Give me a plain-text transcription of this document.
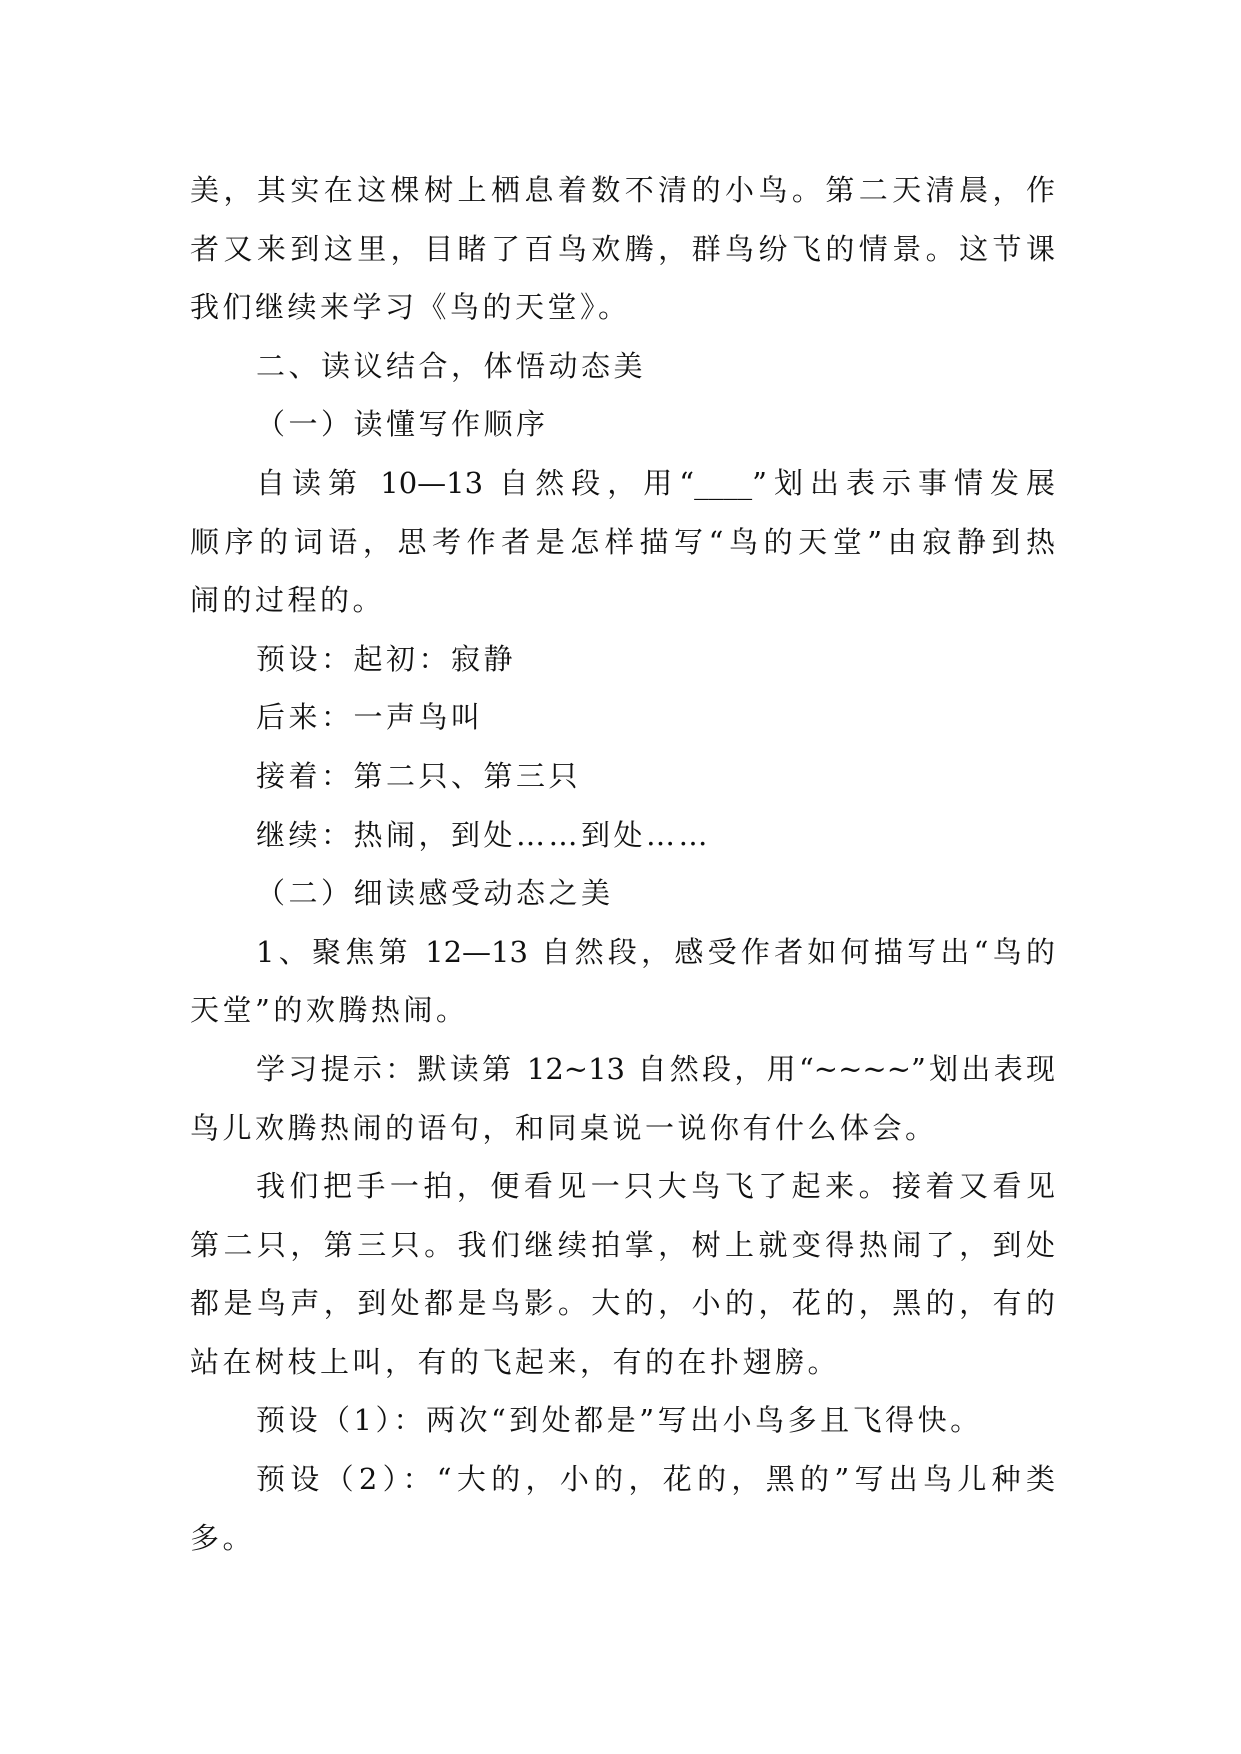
美，其实在这棵树上栖息着数不清的小鸟。第二天清晨，作
者又来到这里，目睹了百鸟欢腾，群鸟纷飞的情景。这节课
我们继续来学习《鸟的天堂》。
二、读议结合，体悟动态美
（一）读懂写作顺序
自读第 10—13 自然段，用“____”划出表示事情发展
顺序的词语，思考作者是怎样描写“鸟的天堂”由寂静到热
闹的过程的。
预设：起初：寂静
后来：一声鸟叫
接着：第二只、第三只
继续：热闹，到处……到处……
（二）细读感受动态之美
1、聚焦第 12—13 自然段，感受作者如何描写出“鸟的
天堂”的欢腾热闹。
学习提示：默读第 12~13 自然段，用“~~~~”划出表现
鸟儿欢腾热闹的语句，和同桌说一说你有什么体会。
我们把手一拍，便看见一只大鸟飞了起来。接着又看见
第二只，第三只。我们继续拍掌，树上就变得热闹了，到处
都是鸟声，到处都是鸟影。大的，小的，花的，黑的，有的
站在树枝上叫，有的飞起来，有的在扑翅膀。
预设（1）：两次“到处都是”写出小鸟多且飞得快。
预设（2）：“大的，小的，花的，黑的”写出鸟儿种类
多。
